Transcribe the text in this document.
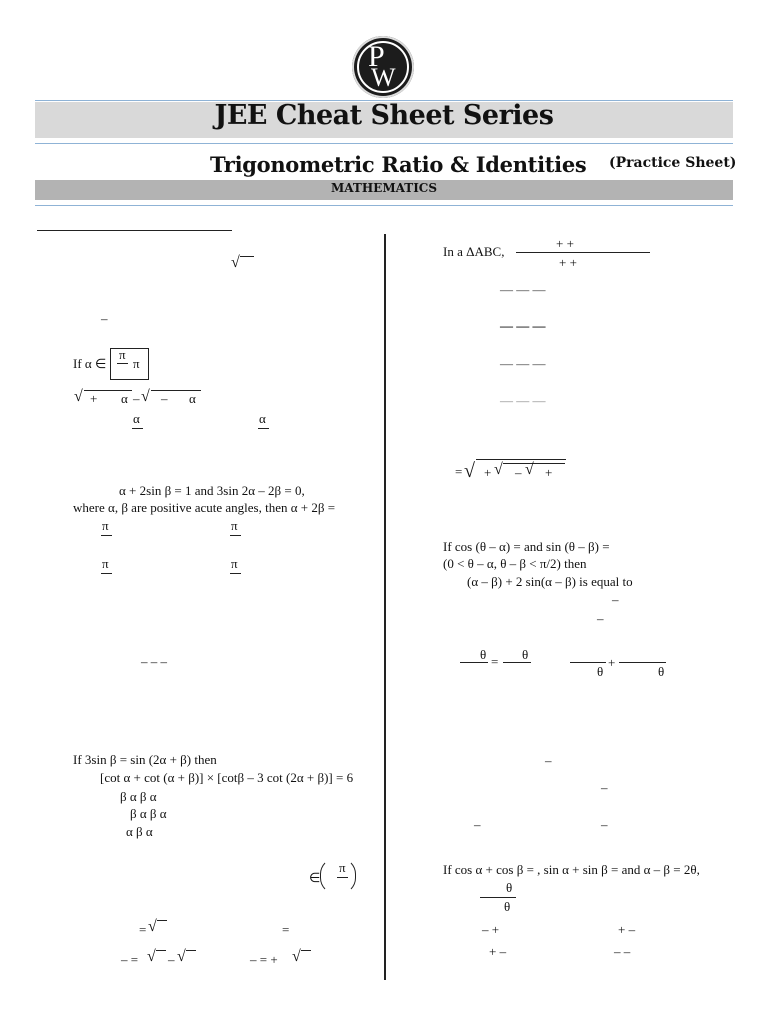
P
W
JEE Cheat Sheet Series
Trigonometric Ratio & Identities (Practice Sheet)
MATHEMATICS
√
–
If α ∈
π
π
√ + α – √ – α
α	α
α + 2sin β = 1 and 3sin 2α – 2β = 0,
where α, β are positive acute angles, then α + 2β =
π	π
π	π
– – –
If 3sin β = sin (2α + β) then
[cot α + cot (α + β)] × [cotβ – 3 cot (2α + β)] = 6
β α β α
β α β α
α β α
∈
π
= √	=
– = √ – √	– = + √
In a ΔABC,
+ +
+ +
— — —
— — —
— — —
— — —
= √ + √ – √ +
If cos (θ – α) = and sin (θ – β) =
(0 < θ – α, θ – β < π/2) then
(α – β) + 2 sin(α – β) is equal to
–
–
θ = θ
θ
+
θ
–
–
–	–
If cos α + cos β = , sin α + sin β = and α – β = 2θ,
θ
θ
– +	+ –
+ –	– –
